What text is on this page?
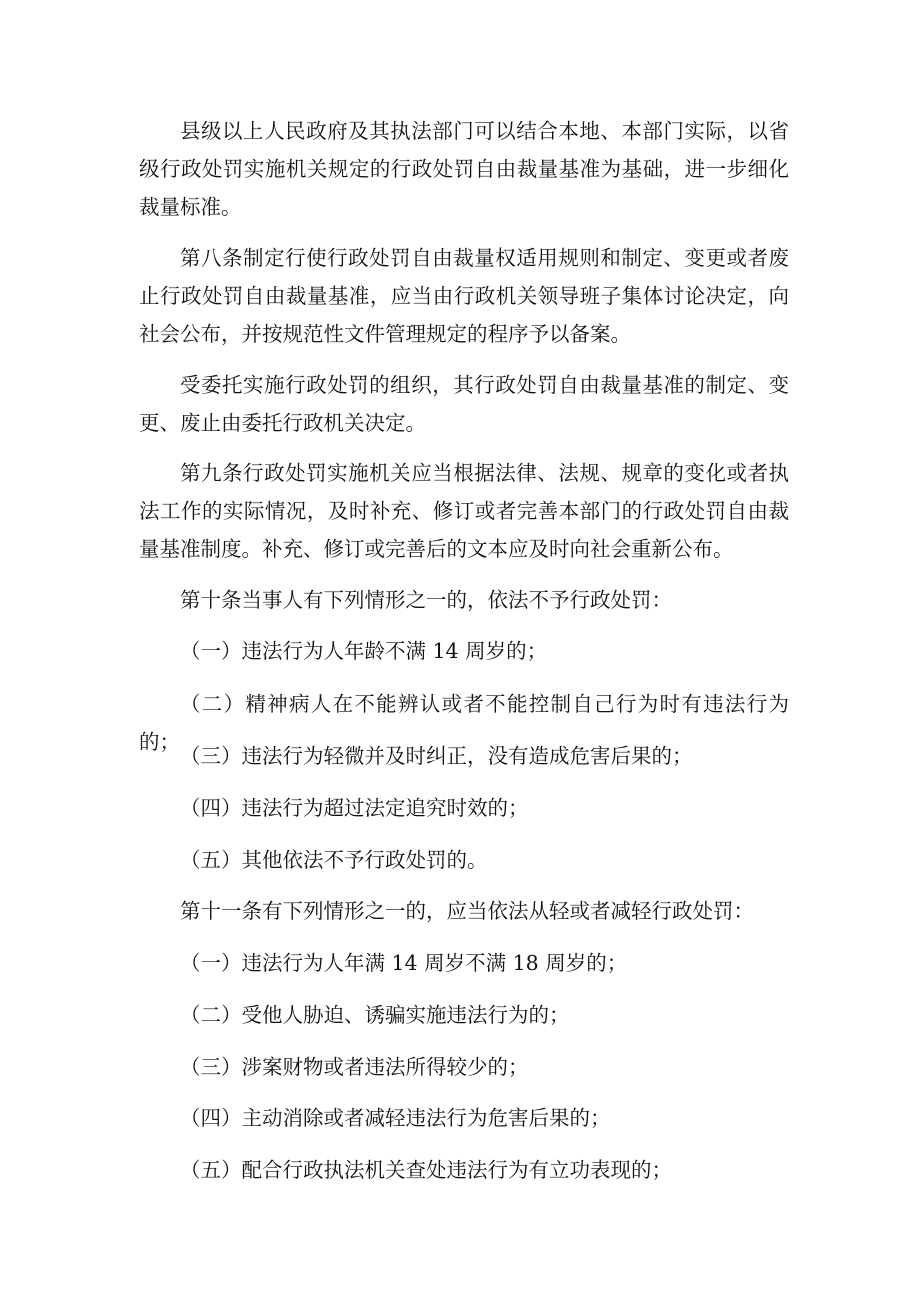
县级以上人民政府及其执法部门可以结合本地、本部门实际，以省级行政处罚实施机关规定的行政处罚自由裁量基准为基础，进一步细化裁量标准。

第八条制定行使行政处罚自由裁量权适用规则和制定、变更或者废止行政处罚自由裁量基准，应当由行政机关领导班子集体讨论决定，向社会公布，并按规范性文件管理规定的程序予以备案。

受委托实施行政处罚的组织，其行政处罚自由裁量基准的制定、变更、废止由委托行政机关决定。

第九条行政处罚实施机关应当根据法律、法规、规章的变化或者执法工作的实际情况，及时补充、修订或者完善本部门的行政处罚自由裁量基准制度。补充、修订或完善后的文本应及时向社会重新公布。

第十条当事人有下列情形之一的，依法不予行政处罚：

（一）违法行为人年龄不满 14 周岁的；

（二）精神病人在不能辨认或者不能控制自己行为时有违法行为的；

（三）违法行为轻微并及时纠正，没有造成危害后果的；

（四）违法行为超过法定追究时效的；

（五）其他依法不予行政处罚的。

第十一条有下列情形之一的，应当依法从轻或者减轻行政处罚：

（一）违法行为人年满 14 周岁不满 18 周岁的；

（二）受他人胁迫、诱骗实施违法行为的；

（三）涉案财物或者违法所得较少的；

（四）主动消除或者减轻违法行为危害后果的；

（五）配合行政执法机关查处违法行为有立功表现的；
